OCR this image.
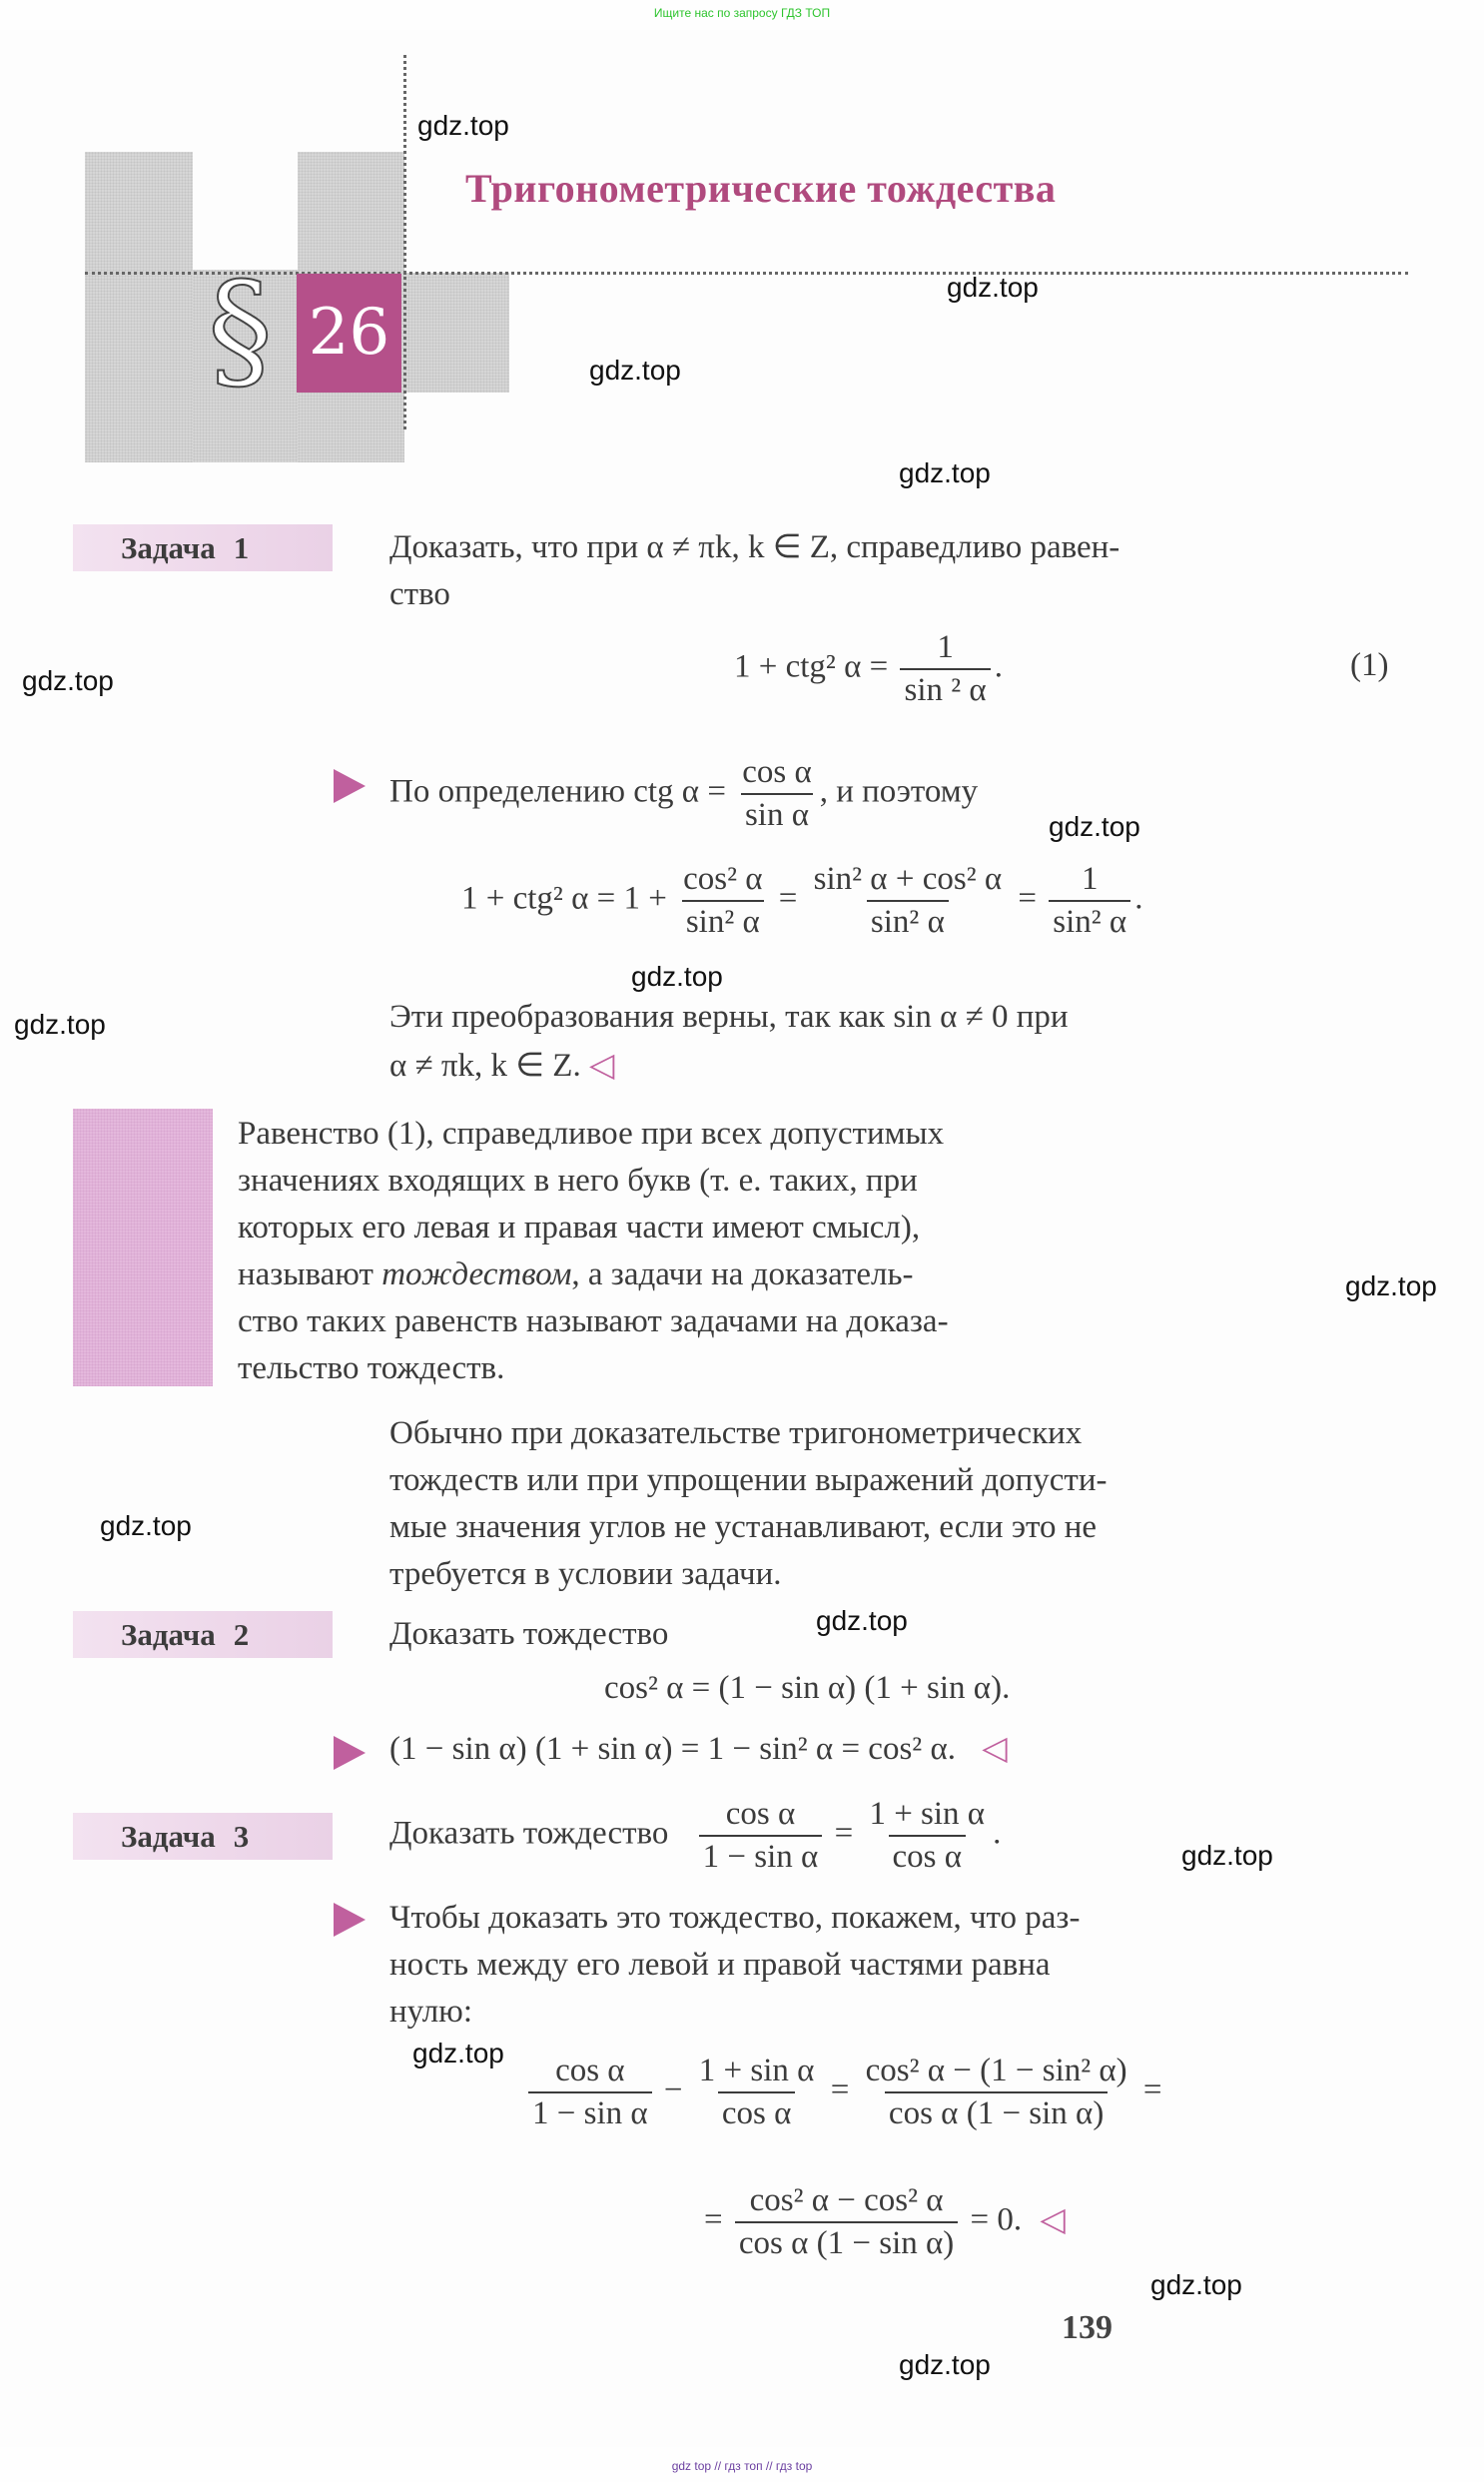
Ищите нас по запросу ГДЗ ТОП
§ 26
Тригонометрические тождества
Задача 1	Доказать, что при α ≠ πk, k ∈ Z, справедливо равен-
ство
1 + ctg² $\alpha = \frac{1}{\text{sin ² α}}$ .	(1)
По определению ctg $\alpha = \frac{\text{cos α}}{\text{sin α}}$ , и поэтому
1 + ctg² $\alpha = 1 + \frac{\text{cos² α}}{\text{sin² α}} = \frac{\text{sin² α + cos² α}}{\text{sin² α}} = \frac{1}{\text{sin² α}}$ .
Эти преобразования верны, так как sin α ≠ 0 при
α ≠ πk, k ∈ Z. ◁
Равенство (1), справедливое при всех допустимых
значениях входящих в него букв (т. е. таких, при
которых его левая и правая части имеют смысл),
называют тождеством, а задачи на доказатель-
ство таких равенств называют задачами на доказа-
тельство тождеств.
Обычно при доказательстве тригонометрических
тождеств или при упрощении выражений допусти-
мые значения углов не устанавливают, если это не
требуется в условии задачи.
Задача 2	Доказать тождество
cos² α = (1 − sin α) (1 + sin α).
(1 − sin α) (1 + sin α) = 1 − sin² α = cos² α. ◁
Задача 3	Доказать тождество $\frac{\text{cos α}}{\text{1 − sin α}} = \frac{\text{1 + sin α}}{\text{cos α}}$ .
Чтобы доказать это тождество, покажем, что раз-
ность между его левой и правой частями равна
нулю:
$\frac{\text{cos α}}{\text{1 − sin α}} - \frac{\text{1 + sin α}}{\text{cos α}} = \frac{\text{cos² α − (1 − sin² α)}}{\text{cos α (1 − sin α)}}$ =
= $\frac{\text{cos² α − cos² α}}{\text{cos α (1 − sin α)}} = 0$. ◁
139
gdz.top
gdz.top
gdz.top
gdz.top
gdz.top
gdz.top
gdz.top
gdz.top
gdz.top
gdz.top
gdz.top
gdz.top
gdz.top
gdz.top
gdz.top
gdz top // гдз топ // гдз top
